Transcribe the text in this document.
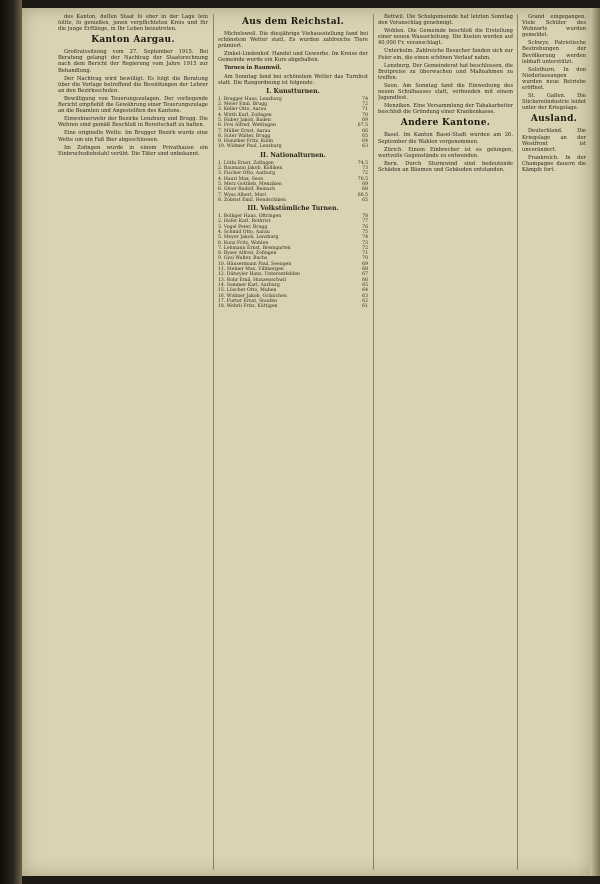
des Kanton, deſſen Staat ſo eher in der Lage ſein ſollte, ſo genießen, jenen verpflichteten Kreis und für die junge Erſtlinge, in Ihr Leben beizutreten.

Kanton Aargau.

Großratssitzung vom 27. September 1915. Bei Beratung gelangt der Nachtrag der Staatsrechnung nach dem Bericht der Regierung vom Jahre 1915 zur Behandlung.

Der Nachtrag wird bewilligt. Es folgt die Beratung über die Vorlage betreffend die Besoldungen der Lehrer an den Bezirksschulen.

Bewilligung von Teuerungszulagen. Der vorliegende Bericht empfiehlt die Gewährung einer Teuerungszulage an die Beamten und Angestellten des Kantons.

Einwohnerwehr der Bezirke Lenzburg und Brugg. Die Wehren sind gemäß Beschluß in Bereitschaft zu halten.

Eine originelle Wette. Im Brugger Bezirk wurde eine Wette um ein Faß Bier abgeschlossen.

Im Zofingen wurde in einem Privathause ein Einbruchsdiebstahl verübt. Die Täter sind unbekannt.

Aus dem Reichstal.

Michelsweil. Die diesjährige Viehausstellung fand bei schönstem Wetter statt. Es wurden zahlreiche Tiere prämiert.

Zinkel-Lindenhof. Handel und Gewerbe. Im Kreise der Gemeinde wurde ein Kurs abgehalten.

Turnen in Raumwil.

Am Sonntag fand bei schönstem Wetter das Turnfest statt. Die Rangordnung ist folgende:

I. Kunstturnen.
1. Brugger Hans, Lenzburg	74
2. Meier Emil, Brugg	72
3. Keller Otto, Aarau	71
4. Wirth Karl, Zofingen	70
5. Huber Jakob, Baden	69
6. Frei Alfred, Wettingen	67.5
7. Müller Ernst, Aarau	66
8. Suter Walter, Brugg	65
9. Hunziker Fritz, Kulm	64
10. Widmer Paul, Lenzburg	63
II. Nationalturnen.
1. Lüthi Ernst, Zofingen	74.5
2. Baumann Jakob, Kölliken	73
3. Fischer Otto, Aarburg	72
4. Hauri Max, Seon	70.5
5. Merz Gottlieb, Menziken	69
6. Gloor Rudolf, Reinach	68
7. Wyss Albert, Muri	66.5
8. Zobrist Emil, Hendschiken	65
III. Volkstümliche Turnen.
1. Bolliger Hans, Oftringen	78
2. Hofer Karl, Rothrist	77
3. Vogel Peter, Brugg	76
4. Schmid Otto, Aarau	75
5. Meyer Jakob, Lenzburg	74
6. Kunz Fritz, Wohlen	73
7. Lehmann Ernst, Bremgarten	72
8. Ryser Alfred, Zofingen	71
9. Gysi Walter, Buchs	70
10. Häusermann Paul, Seengen	69
11. Steiner Max, Villmergen	68
12. Dätwyler Hans, Unterentfelden	67
13. Rohr Emil, Hunzenschwil	66
14. Sommer Karl, Aarburg	65
15. Lüscher Otto, Muhen	64
16. Widmer Jakob, Gränichen	63
17. Furter Ernst, Staufen	62
18. Wehrli Fritz, Küttigen	61

Bettwil. Die Schulgemeinde hat letzten Sonntag den Voranschlag genehmigt.

Wohlen. Die Gemeinde beschloß die Erstellung einer neuen Wasserleitung. Die Kosten werden auf 40,000 Fr. veranschlagt.

Unterkulm. Zahlreiche Besucher fanden sich zur Feier ein, die einen schönen Verlauf nahm.

Lenzburg. Der Gemeinderat hat beschlossen, die Brotpreise zu überwachen und Maßnahmen zu treffen.

Seon. Am Sonntag fand die Einweihung des neuen Schulhauses statt, verbunden mit einem Jugendfest.

Menziken. Eine Versammlung der Tabakarbeiter beschloß die Gründung einer Krankenkasse.

Andere Kantone.

Basel. Im Kanton Basel-Stadt wurden am 26. September die Wahlen vorgenommen.

Zürich. Einem Einbrecher ist es gelungen, wertvolle Gegenstände zu entwenden.

Bern. Durch Sturmwind sind bedeutende Schäden an Bäumen und Gebäuden entstanden.

Grand eingegangen. Viele Schüler des Wohnorts wurden gemeldet.

Schwyz. Patriotische Bestrebungen der Bevölkerung werden lebhaft unterstützt.

Solothurn. In den Niederlassungen wurden neue Betriebe eröffnet.

St. Gallen. Die Stickereiindustrie leidet unter der Kriegslage.

Ausland.

Deutschland. Die Kriegslage an der Westfront ist unverändert.

Frankreich. In der Champagne dauern die Kämpfe fort.
